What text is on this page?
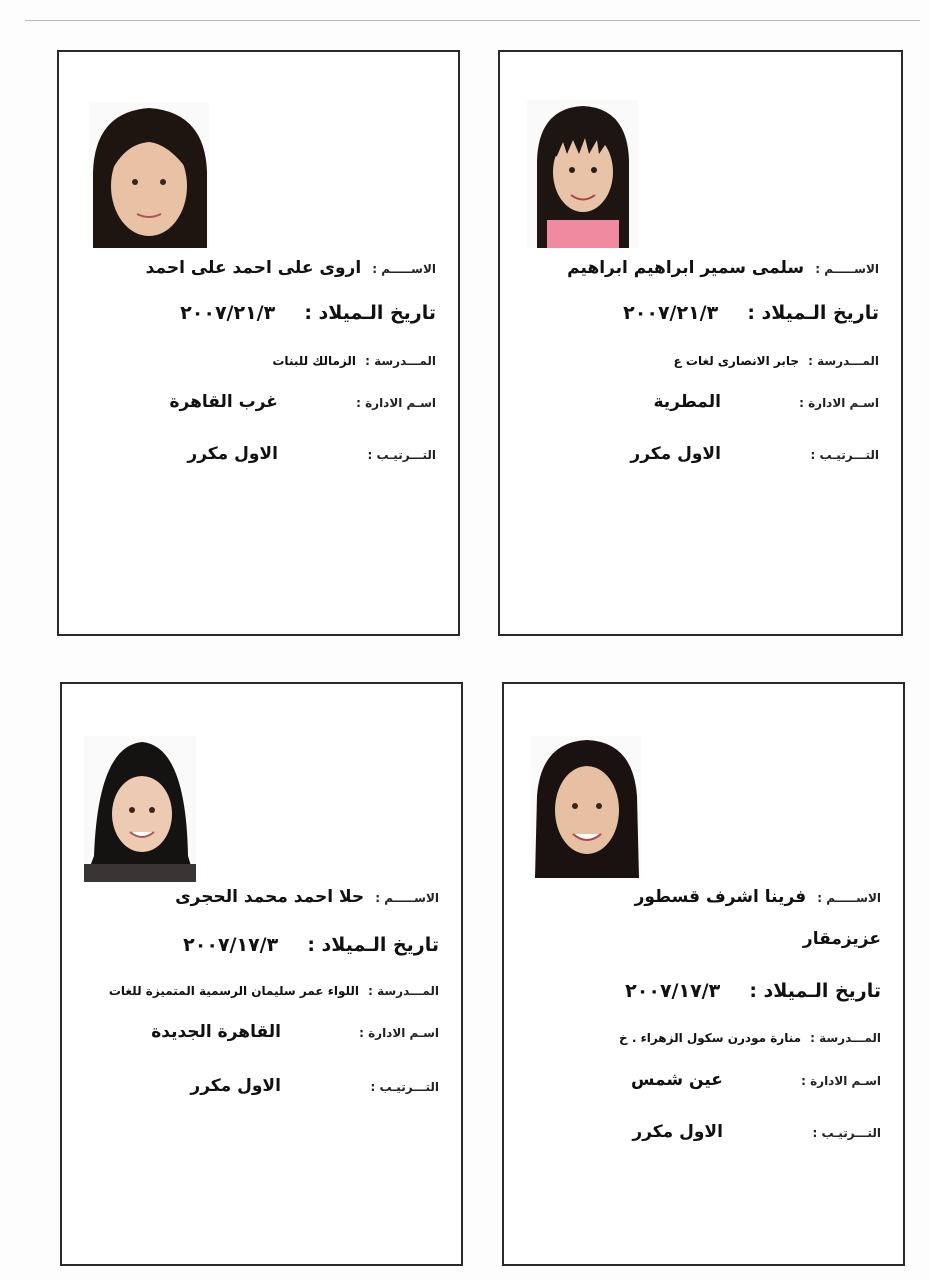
الاســـــم : سلمى سمير ابراهيم ابراهيم
تاريخ الـميلاد : ٢٠٠٧/٢١/٣
المـــدرسة : جابر الانصارى لغات ع
اسـم الادارة : المطرية
التـــرتيـب : الاول مكرر
الاســـــم : اروى على احمد على احمد
تاريخ الـميلاد : ٢٠٠٧/٢١/٣
المـــدرسة : الزمالك للبنات
اسـم الادارة : غرب القاهرة
التـــرتيـب : الاول مكرر
الاســـــم : فرينا اشرف قسطور
عزيزمقار
تاريخ الـميلاد : ٢٠٠٧/١٧/٣
المـــدرسة : منارة مودرن سكول الزهراء . خ
اسـم الادارة : عين شمس
التـــرتيـب : الاول مكرر
الاســـــم : حلا احمد محمد الحجرى
تاريخ الـميلاد : ٢٠٠٧/١٧/٣
المـــدرسة : اللواء عمر سليمان الرسمية المتميزة للغات
اسـم الادارة : القاهرة الجديدة
التـــرتيـب : الاول مكرر
